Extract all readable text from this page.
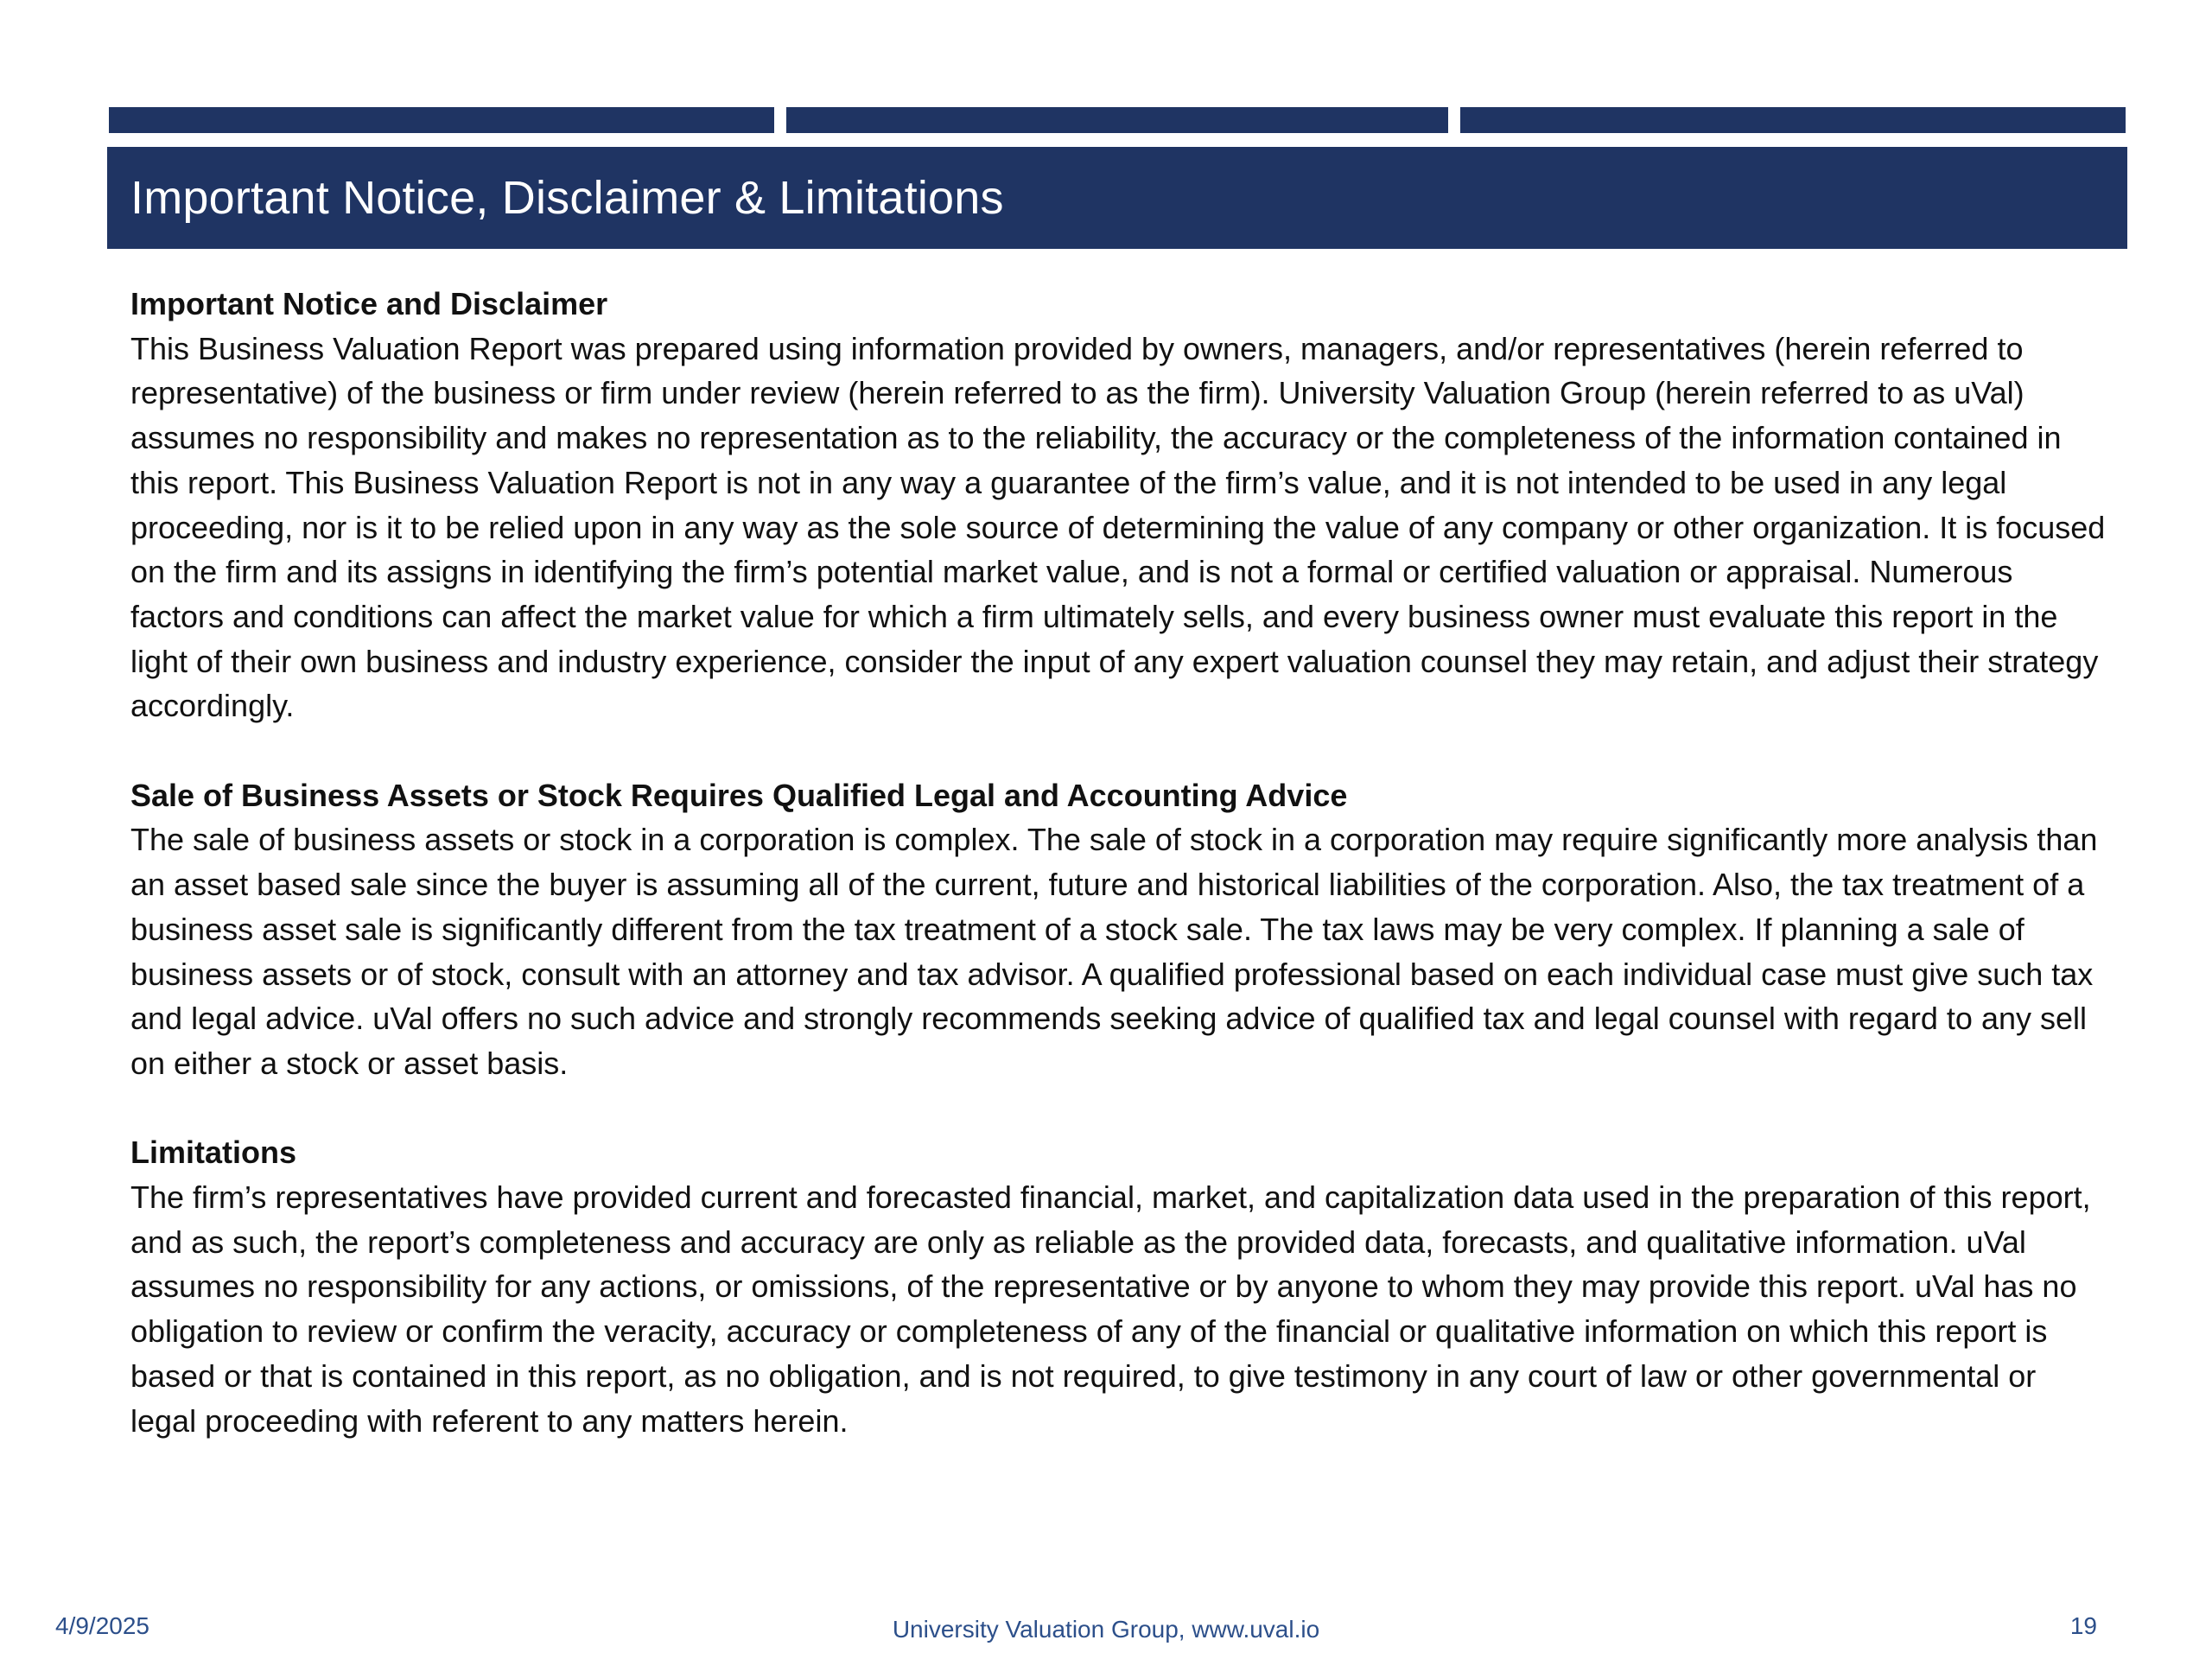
Important Notice, Disclaimer & Limitations
Important Notice and Disclaimer

This Business Valuation Report was prepared using information provided by owners, managers, and/or representatives (herein referred to representative) of the business or firm under review (herein referred to as the firm). University Valuation Group (herein referred to as uVal) assumes no responsibility and makes no representation as to the reliability, the accuracy or the completeness of the information contained in this report. This Business Valuation Report is not in any way a guarantee of the firm’s value, and it is not intended to be used in any legal proceeding, nor is it to be relied upon in any way as the sole source of determining the value of any company or other organization. It is focused on the firm and its assigns in identifying the firm’s potential market value, and is not a formal or certified valuation or appraisal. Numerous factors and conditions can affect the market value for which a firm ultimately sells, and every business owner must evaluate this report in the light of their own business and industry experience, consider the input of any expert valuation counsel they may retain, and adjust their strategy accordingly.

Sale of Business Assets or Stock Requires Qualified Legal and Accounting Advice

The sale of business assets or stock in a corporation is complex. The sale of stock in a corporation may require significantly more analysis than an asset based sale since the buyer is assuming all of the current, future and historical liabilities of the corporation. Also, the tax treatment of a business asset sale is significantly different from the tax treatment of a stock sale. The tax laws may be very complex. If planning a sale of business assets or of stock, consult with an attorney and tax advisor. A qualified professional based on each individual case must give such tax and legal advice. uVal offers no such advice and strongly recommends seeking advice of qualified tax and legal counsel with regard to any sell on either a stock or asset basis.

Limitations

The firm’s representatives have provided current and forecasted financial, market, and capitalization data used in the preparation of this report, and as such, the report’s completeness and accuracy are only as reliable as the provided data, forecasts, and qualitative information. uVal assumes no responsibility for any actions, or omissions, of the representative or by anyone to whom they may provide this report. uVal has no obligation to review or confirm the veracity, accuracy or completeness of any of the financial or qualitative information on which this report is based or that is contained in this report, as no obligation, and is not required, to give testimony in any court of law or other governmental or legal proceeding with referent to any matters herein.

4/9/2025	University Valuation Group, www.uval.io	19
